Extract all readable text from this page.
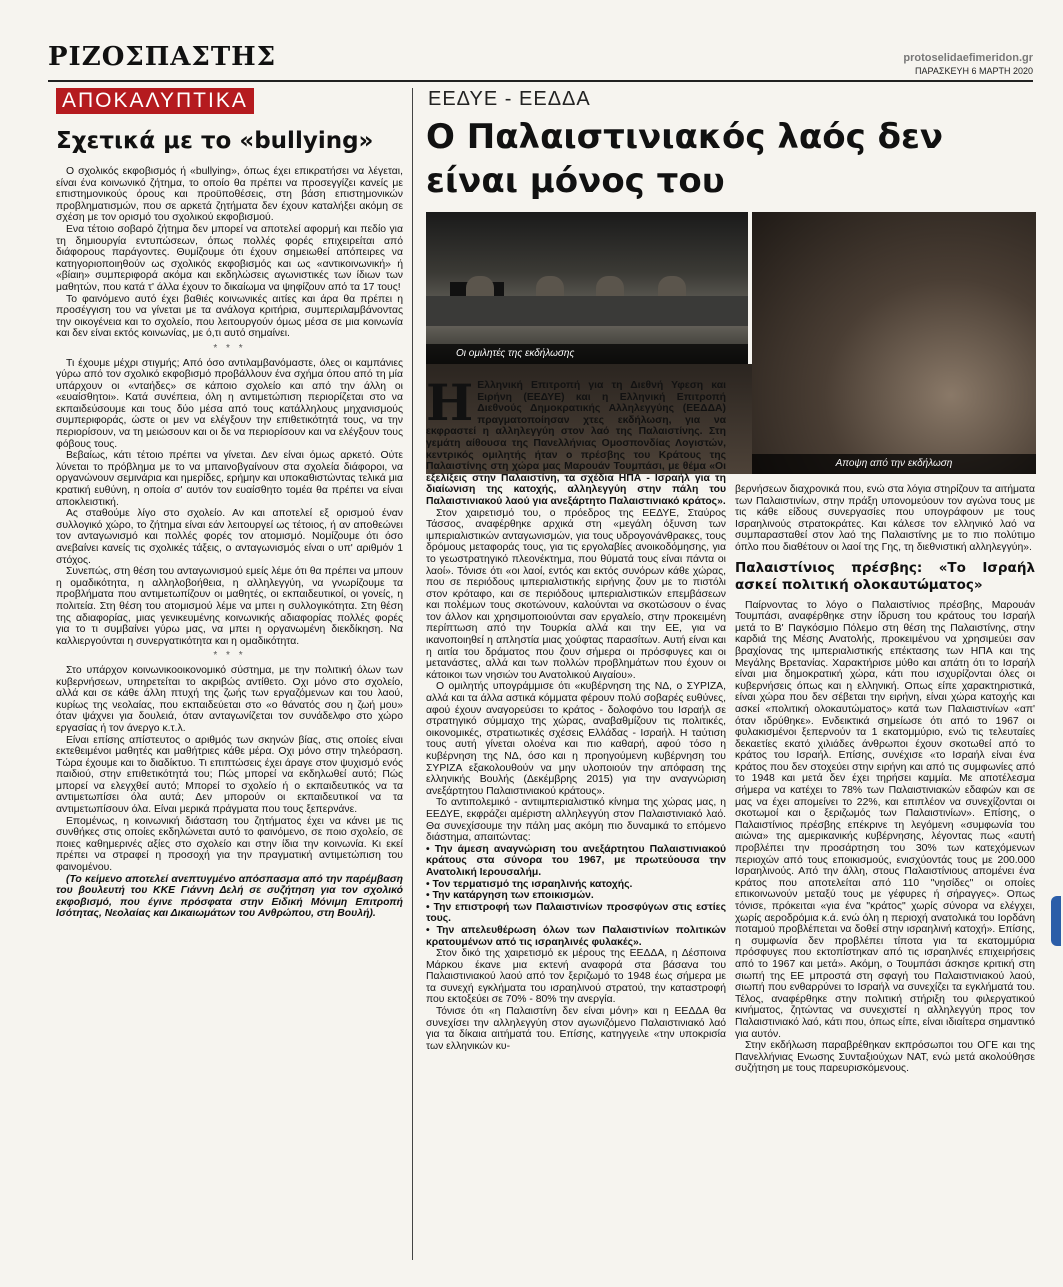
ΡΙΖΟΣΠΑΣΤΗΣ	protoselidaefimeridon.gr
ΠΑΡΑΣΚΕΥΗ 6 ΜΑΡΤΗ 2020
ΑΠΟΚΑΛΥΠΤΙΚΑ
Σχετικά με το «bullying»

Ο σχολικός εκφοβισμός ή «bullying», όπως έχει επικρατήσει να λέγεται, είναι ένα κοινωνικό ζήτημα, το οποίο θα πρέπει να προσεγγίζει κανείς με επιστημονικούς όρους και προϋποθέσεις, στη βάση επιστημονικών προβληματισμών, που σε αρκετά ζητήματα δεν έχουν καταλήξει ακόμη σε σχέση με τον ορισμό του σχολικού εκφοβισμού.

Ενα τέτοιο σοβαρό ζήτημα δεν μπορεί να αποτελεί αφορμή και πεδίο για τη δημιουργία εντυπώσεων, όπως πολλές φορές επιχειρείται από διάφορους παράγοντες. Θυμίζουμε ότι έχουν σημειωθεί απόπειρες να κατηγοριοποιηθούν ως σχολικός εκφοβισμός και ως «αντικοινωνική» ή «βίαιη» συμπεριφορά ακόμα και εκδηλώσεις αγωνιστικές των ίδιων των μαθητών, που κατά τ' άλλα έχουν το δικαίωμα να ψηφίζουν από τα 17 τους!

Το φαινόμενο αυτό έχει βαθιές κοινωνικές αιτίες και άρα θα πρέπει η προσέγγιση του να γίνεται με τα ανάλογα κριτήρια, συμπεριλαμβάνοντας την οικογένεια και το σχολείο, που λειτουργούν όμως μέσα σε μια κοινωνία και δεν είναι εκτός κοινωνίας, με ό,τι αυτό σημαίνει.

* * *

Τι έχουμε μέχρι στιγμής; Από όσο αντιλαμβανόμαστε, όλες οι καμπάνιες γύρω από τον σχολικό εκφοβισμό προβάλλουν ένα σχήμα όπου από τη μία υπάρχουν οι «νταήδες» σε κάποιο σχολείο και από την άλλη οι «ευαίσθητοι». Κατά συνέπεια, όλη η αντιμετώπιση περιορίζεται στο να εκπαιδεύσουμε και τους δύο μέσα από τους κατάλληλους μηχανισμούς συμπεριφοράς, ώστε οι μεν να ελέγξουν την επιθετικότητά τους, να την περιορίσουν, να τη μειώσουν και οι δε να περιορίσουν και να ελέγξουν τους φόβους τους.

Βεβαίως, κάτι τέτοιο πρέπει να γίνεται. Δεν είναι όμως αρκετό. Ούτε λύνεται το πρόβλημα με το να μπαινοβγαίνουν στα σχολεία διάφοροι, να οργανώνουν σεμινάρια και ημερίδες, ερήμην και υποκαθιστώντας τελικά μια κρατική ευθύνη, η οποία σ' αυτόν τον ευαίσθητο τομέα θα πρέπει να είναι αποκλειστική.

Ας σταθούμε λίγο στο σχολείο. Αν και αποτελεί εξ ορισμού έναν συλλογικό χώρο, το ζήτημα είναι εάν λειτουργεί ως τέτοιος, ή αν αποθεώνει τον ανταγωνισμό και πολλές φορές τον ατομισμό. Νομίζουμε ότι όσο ανεβαίνει κανείς τις σχολικές τάξεις, ο ανταγωνισμός είναι ο υπ' αριθμόν 1 στόχος.

Συνεπώς, στη θέση του ανταγωνισμού εμείς λέμε ότι θα πρέπει να μπουν η ομαδικότητα, η αλληλοβοήθεια, η αλληλεγγύη, να γνωρίζουμε τα προβλήματα που αντιμετωπίζουν οι μαθητές, οι εκπαιδευτικοί, οι γονείς, η πολιτεία. Στη θέση του ατομισμού λέμε να μπει η συλλογικότητα. Στη θέση της αδιαφορίας, μιας γενικευμένης κοινωνικής αδιαφορίας πολλές φορές για το τι συμβαίνει γύρω μας, να μπει η οργανωμένη διεκδίκηση. Να καλλιεργούνται η συνεργατικότητα και η ομαδικότητα.

* * *

Στο υπάρχον κοινωνικοοικονομικό σύστημα, με την πολιτική όλων των κυβερνήσεων, υπηρετείται το ακριβώς αντίθετο. Οχι μόνο στο σχολείο, αλλά και σε κάθε άλλη πτυχή της ζωής των εργαζόμενων και του λαού, κυρίως της νεολαίας, που εκπαιδεύεται στο «ο θάνατός σου η ζωή μου» όταν ψάχνει για δουλειά, όταν ανταγωνίζεται τον συνάδελφο στο χώρο εργασίας ή τον άνεργο κ.τ.λ.

Είναι επίσης απίστευτος ο αριθμός των σκηνών βίας, στις οποίες είναι εκτεθειμένοι μαθητές και μαθήτριες κάθε μέρα. Οχι μόνο στην τηλεόραση. Τώρα έχουμε και το διαδίκτυο. Τι επιπτώσεις έχει άραγε στον ψυχισμό ενός παιδιού, στην επιθετικότητά του; Πώς μπορεί να εκδηλωθεί αυτό; Πώς μπορεί να ελεγχθεί αυτό; Μπορεί το σχολείο ή ο εκπαιδευτικός να τα αντιμετωπίσει όλα αυτά; Δεν μπορούν οι εκπαιδευτικοί να τα αντιμετωπίσουν όλα. Είναι μερικά πράγματα που τους ξεπερνάνε.

Επομένως, η κοινωνική διάσταση του ζητήματος έχει να κάνει με τις συνθήκες στις οποίες εκδηλώνεται αυτό το φαινόμενο, σε ποιο σχολείο, σε ποιες καθημερινές αξίες στο σχολείο και στην ίδια την κοινωνία. Κι εκεί πρέπει να στραφεί η προσοχή για την πραγματική αντιμετώπιση του φαινομένου.

(Το κείμενο αποτελεί ανεπτυγμένο απόσπασμα από την παρέμβαση του βουλευτή του ΚΚΕ Γιάννη Δελή σε συζήτηση για τον σχολικό εκφοβισμό, που έγινε πρόσφατα στην Ειδική Μόνιμη Επιτροπή Ισότητας, Νεολαίας και Δικαιωμάτων του Ανθρώπου, στη Βουλή).

ΕΕΔΥΕ - ΕΕΔΔΑ
Ο Παλαιστινιακός λαός δεν είναι μόνος του
Οι ομιλητές της εκδήλωσης
Αποψη από την εκδήλωση
Η Ελληνική Επιτροπή για τη Διεθνή Υφεση και Ειρήνη (ΕΕΔΥΕ) και η Ελληνική Επιτροπή Διεθνούς Δημοκρατικής Αλληλεγγύης (ΕΕΔΔΑ) πραγματοποίησαν χτες εκδήλωση, για να εκφραστεί η αλληλεγγύη στον λαό της Παλαιστίνης. Στη γεμάτη αίθουσα της Πανελλήνιας Ομοσπονδίας Λογιστών, κεντρικός ομιλητής ήταν ο πρέσβης του Κράτους της Παλαιστίνης στη χώρα μας Μαρουάν Τουμπάσι, με θέμα «Οι εξελίξεις στην Παλαιστίνη, τα σχέδια ΗΠΑ - Ισραήλ για τη διαίωνιση της κατοχής, αλληλεγγύη στην πάλη του Παλαιστινιακού λαού για ανεξάρτητο Παλαιστινιακό κράτος».

Στον χαιρετισμό του, ο πρόεδρος της ΕΕΔΥΕ, Σταύρος Τάσσος, αναφέρθηκε αρχικά στη «μεγάλη όξυνση των ιμπεριαλιστικών ανταγωνισμών, για τους υδρογονάνθρακες, τους δρόμους μεταφοράς τους, για τις εργολαβίες ανοικοδόμησης, για το γεωστρατηγικό πλεονέκτημα, που θύματά τους είναι πάντα οι λαοί». Τόνισε ότι «οι λαοί, εντός και εκτός συνόρων κάθε χώρας, που σε περιόδους ιμπεριαλιστικής ειρήνης ζουν με το πιστόλι στον κρόταφο, και σε περιόδους ιμπεριαλιστικών επεμβάσεων και πολέμων τους σκοτώνουν, καλούνται να σκοτώσουν ο ένας τον άλλον και χρησιμοποιούνται σαν εργαλείο, στην προκειμένη περίπτωση από την Τουρκία αλλά και την ΕΕ, για να ικανοποιηθεί η απληστία μιας χούφτας παρασίτων. Αυτή είναι και η αιτία του δράματος που ζουν σήμερα οι πρόσφυγες και οι μετανάστες, αλλά και των πολλών προβλημάτων που έχουν οι κάτοικοι των νησιών του Ανατολικού Αιγαίου».

Ο ομιλητής υπογράμμισε ότι «κυβέρνηση της ΝΔ, ο ΣΥΡΙΖΑ, αλλά και τα άλλα αστικά κόμματα φέρουν πολύ σοβαρές ευθύνες, αφού έχουν αναγορεύσει το κράτος - δολοφόνο του Ισραήλ σε στρατηγικό σύμμαχο της χώρας, αναβαθμίζουν τις πολιτικές, οικονομικές, στρατιωτικές σχέσεις Ελλάδας - Ισραήλ. Η ταύτιση τους αυτή γίνεται ολοένα και πιο καθαρή, αφού τόσο η κυβέρνηση της ΝΔ, όσο και η προηγούμενη κυβέρνηση του ΣΥΡΙΖΑ εξακολουθούν να μην υλοποιούν την απόφαση της ελληνικής Βουλής (Δεκέμβρης 2015) για την αναγνώριση ανεξάρτητου Παλαιστινιακού κράτους».

Το αντιπολεμικό - αντιιμπεριαλιστικό κίνημα της χώρας μας, η ΕΕΔΥΕ, εκφράζει αμέριστη αλληλεγγύη στον Παλαιστινιακό λαό. Θα συνεχίσουμε την πάλη μας ακόμη πιο δυναμικά το επόμενο διάστημα, απαιτώντας:

• Την άμεση αναγνώριση του ανεξάρτητου Παλαιστινιακού κράτους στα σύνορα του 1967, με πρωτεύουσα την Ανατολική Ιερουσαλήμ.

• Τον τερματισμό της ισραηλινής κατοχής.

• Την κατάργηση των εποικισμών.

• Την επιστροφή των Παλαιστινίων προσφύγων στις εστίες τους.

• Την απελευθέρωση όλων των Παλαιστινίων πολιτικών κρατουμένων από τις ισραηλινές φυλακές».

Στον δικό της χαιρετισμό εκ μέρους της ΕΕΔΔΑ, η Δέσποινα Μάρκου έκανε μια εκτενή αναφορά στα βάσανα του Παλαιστινιακού λαού από τον ξεριζωμό το 1948 έως σήμερα με τα συνεχή εγκλήματα του ισραηλινού στρατού, την καταστροφή που εκτοξεύει σε 70% - 80% την ανεργία.

Τόνισε ότι «η Παλαιστίνη δεν είναι μόνη» και η ΕΕΔΔΑ θα συνεχίσει την αλληλεγγύη στον αγωνιζόμενο Παλαιστινιακό λαό για τα δίκαια αιτήματά του. Επίσης, κατηγγειλε «την υποκρισία των ελληνικών κυ-

βερνήσεων διαχρονικά που, ενώ στα λόγια στηρίζουν τα αιτήματα των Παλαιστινίων, στην πράξη υπονομεύουν τον αγώνα τους με τις κάθε είδους συνεργασίες που υπογράφουν με τους Ισραηλινούς στρατοκράτες. Και κάλεσε τον ελληνικό λαό να συμπαρασταθεί στον λαό της Παλαιστίνης με το πιο πολύτιμο όπλο που διαθέτουν οι λαοί της Γης, τη διεθνιστική αλληλεγγύη».
Παλαιστίνιος πρέσβης: «Το Ισραήλ ασκεί πολιτική ολοκαυτώματος»

Παίρνοντας το λόγο ο Παλαιστίνιος πρέσβης, Μαρουάν Τουμπάσι, αναφέρθηκε στην ίδρυση του κράτους του Ισραήλ μετά το Β' Παγκόσμιο Πόλεμο στη θέση της Παλαιστίνης, στην καρδιά της Μέσης Ανατολής, προκειμένου να χρησιμεύει σαν βραχίονας της ιμπεριαλιστικής επέκτασης των ΗΠΑ και της Μεγάλης Βρετανίας. Χαρακτήρισε μύθο και απάτη ότι το Ισραήλ είναι μια δημοκρατική χώρα, κάτι που ισχυρίζονται όλες οι κυβερνήσεις όπως και η ελληνική. Οπως είπε χαρακτηριστικά, είναι χώρα που δεν σέβεται την ειρήνη, είναι χώρα κατοχής και ασκεί «πολιτική ολοκαυτώματος» κατά των Παλαιστινίων «απ' όταν ιδρύθηκε». Ενδεικτικά σημείωσε ότι από το 1967 οι φυλακισμένοι ξεπερνούν τα 1 εκατομμύριο, ενώ τις τελευταίες δεκαετίες εκατό χιλιάδες άνθρωποι έχουν σκοτωθεί από το κράτος του Ισραήλ. Επίσης, συνέχισε «το Ισραήλ είναι ένα κράτος που δεν στοχεύει στην ειρήνη και από τις συμφωνίες από το 1948 και μετά δεν έχει τηρήσει καμμία. Με αποτέλεσμα σήμερα να κατέχει το 78% των Παλαιστινιακών εδαφών και σε μας να έχει απομείνει το 22%, και επιπλέον να συνεχίζονται οι σκοτωμοί και ο ξεριζωμός των Παλαιστινίων». Επίσης, ο Παλαιστίνιος πρέσβης επέκρινε τη λεγόμενη «συμφωνία του αιώνα» της αμερικανικής κυβέρνησης, λέγοντας πως «αυτή προβλέπει την προσάρτηση του 30% των κατεχόμενων περιοχών από τους εποικισμούς, ενισχύοντάς τους με 200.000 Ισραηλινούς. Από την άλλη, στους Παλαιστίνιους απομένει ένα κράτος που αποτελείται από 110 "νησίδες" οι οποίες επικοινωνούν μεταξύ τους με γέφυρες ή σήραγγες». Οπως τόνισε, πρόκειται «για ένα "κράτος" χωρίς σύνορα να ελέγχει, χωρίς αεροδρόμια κ.ά. ενώ όλη η περιοχή ανατολικά του Ιορδάνη ποταμού προβλέπεται να δοθεί στην ισραηλινή κατοχή». Επίσης, η συμφωνία δεν προβλέπει τίποτα για τα εκατομμύρια πρόσφυγες που εκτοπίστηκαν από τις ισραηλινές επιχειρήσεις από το 1967 και μετά». Ακόμη, ο Τουμπάσι άσκησε κριτική στη σιωπή της ΕΕ μπροστά στη σφαγή του Παλαιστινιακού λαού, σιωπή που ενθαρρύνει το Ισραήλ να συνεχίζει τα εγκλήματά του. Τέλος, αναφέρθηκε στην πολιτική στήριξη του φιλεργατικού κινήματος, ζητώντας να συνεχιστεί η αλληλεγγύη προς τον Παλαιστινιακό λαό, κάτι που, όπως είπε, είναι ιδιαίτερα σημαντικό για αυτόν.

Στην εκδήλωση παραβρέθηκαν εκπρόσωποι του ΟΓΕ και της Πανελλήνιας Ενωσης Συνταξιούχων ΝΑΤ, ενώ μετά ακολούθησε συζήτηση με τους παρευρισκόμενους.
